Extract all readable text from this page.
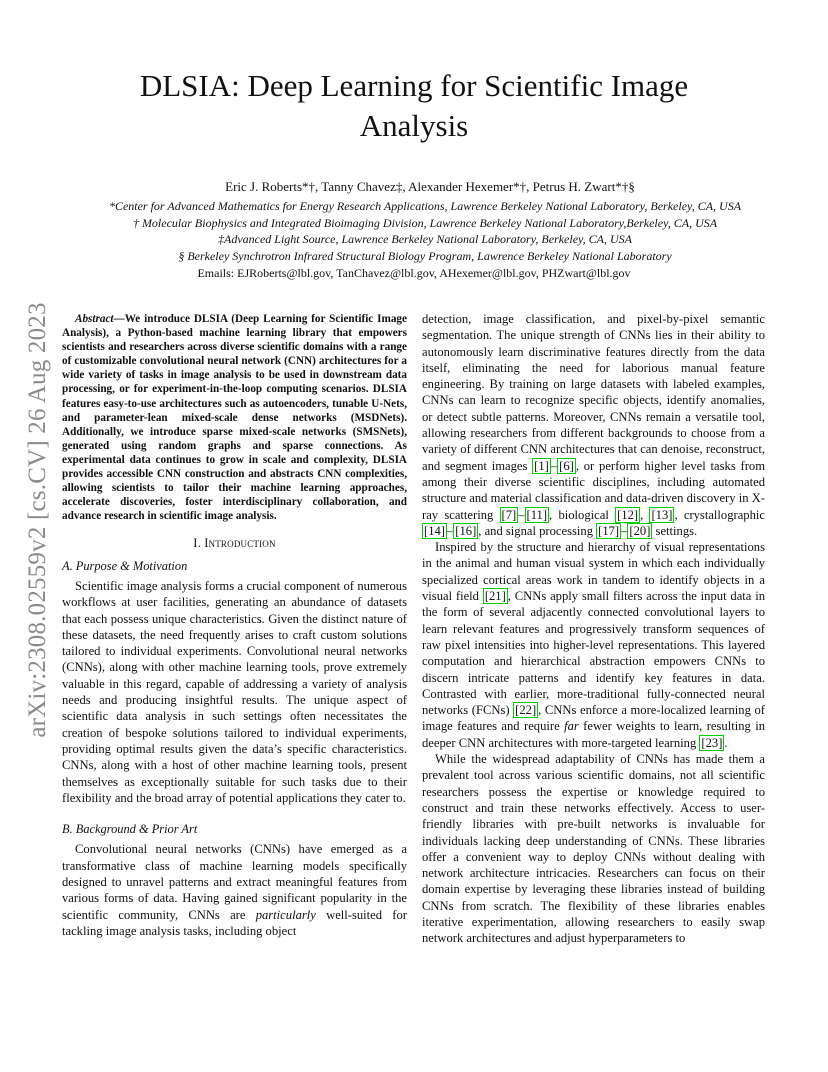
arXiv:2308.02559v2 [cs.CV] 26 Aug 2023
DLSIA: Deep Learning for Scientific Image Analysis
Eric J. Roberts*†, Tanny Chavez‡, Alexander Hexemer*†, Petrus H. Zwart*†§
*Center for Advanced Mathematics for Energy Research Applications, Lawrence Berkeley National Laboratory, Berkeley, CA, USA
† Molecular Biophysics and Integrated Bioimaging Division, Lawrence Berkeley National Laboratory,Berkeley, CA, USA
‡Advanced Light Source, Lawrence Berkeley National Laboratory, Berkeley, CA, USA
§ Berkeley Synchrotron Infrared Structural Biology Program, Lawrence Berkeley National Laboratory
Emails: EJRoberts@lbl.gov, TanChavez@lbl.gov, AHexemer@lbl.gov, PHZwart@lbl.gov

Abstract—We introduce DLSIA (Deep Learning for Scientific Image Analysis), a Python-based machine learning library that empowers scientists and researchers across diverse scientific domains with a range of customizable convolutional neural network (CNN) architectures for a wide variety of tasks in image analysis to be used in downstream data processing, or for experiment-in-the-loop computing scenarios. DLSIA features easy-to-use architectures such as autoencoders, tunable U-Nets, and parameter-lean mixed-scale dense networks (MSDNets). Additionally, we introduce sparse mixed-scale networks (SMSNets), generated using random graphs and sparse connections. As experimental data continues to grow in scale and complexity, DLSIA provides accessible CNN construction and abstracts CNN complexities, allowing scientists to tailor their machine learning approaches, accelerate discoveries, foster interdisciplinary collaboration, and advance research in scientific image analysis.

I. Introduction
A. Purpose & Motivation

Scientific image analysis forms a crucial component of numerous workflows at user facilities, generating an abundance of datasets that each possess unique characteristics. Given the distinct nature of these datasets, the need frequently arises to craft custom solutions tailored to individual experiments. Convolutional neural networks (CNNs), along with other machine learning tools, prove extremely valuable in this regard, capable of addressing a variety of analysis needs and producing insightful results. The unique aspect of scientific data analysis in such settings often necessitates the creation of bespoke solutions tailored to individual experiments, providing optimal results given the data’s specific characteristics. CNNs, along with a host of other machine learning tools, present themselves as exceptionally suitable for such tasks due to their flexibility and the broad array of potential applications they cater to.

B. Background & Prior Art

Convolutional neural networks (CNNs) have emerged as a transformative class of machine learning models specifically designed to unravel patterns and extract meaningful features from various forms of data. Having gained significant popularity in the scientific community, CNNs are particularly well-suited for tackling image analysis tasks, including object

detection, image classification, and pixel-by-pixel semantic segmentation. The unique strength of CNNs lies in their ability to autonomously learn discriminative features directly from the data itself, eliminating the need for laborious manual feature engineering. By training on large datasets with labeled examples, CNNs can learn to recognize specific objects, identify anomalies, or detect subtle patterns. Moreover, CNNs remain a versatile tool, allowing researchers from different backgrounds to choose from a variety of different CNN architectures that can denoise, reconstruct, and segment images [1] – [6] , or perform higher level tasks from among their diverse scientific disciplines, including automated structure and material classification and data-driven discovery in X-ray scattering [7] – [11] , biological [12] , [13] , crystallographic [14] – [16] , and signal processing [17] – [20] settings.

Inspired by the structure and hierarchy of visual representations in the animal and human visual system in which each individually specialized cortical areas work in tandem to identify objects in a visual field [21] , CNNs apply small filters across the input data in the form of several adjacently connected convolutional layers to learn relevant features and progressively transform sequences of raw pixel intensities into higher-level representations. This layered computation and hierarchical abstraction empowers CNNs to discern intricate patterns and identify key features in data. Contrasted with earlier, more-traditional fully-connected neural networks (FCNs) [22] , CNNs enforce a more-localized learning of image features and require far fewer weights to learn, resulting in deeper CNN architectures with more-targeted learning [23] .

While the widespread adaptability of CNNs has made them a prevalent tool across various scientific domains, not all scientific researchers possess the expertise or knowledge required to construct and train these networks effectively. Access to user-friendly libraries with pre-built networks is invaluable for individuals lacking deep understanding of CNNs. These libraries offer a convenient way to deploy CNNs without dealing with network architecture intricacies. Researchers can focus on their domain expertise by leveraging these libraries instead of building CNNs from scratch. The flexibility of these libraries enables iterative experimentation, allowing researchers to easily swap network architectures and adjust hyperparameters to
